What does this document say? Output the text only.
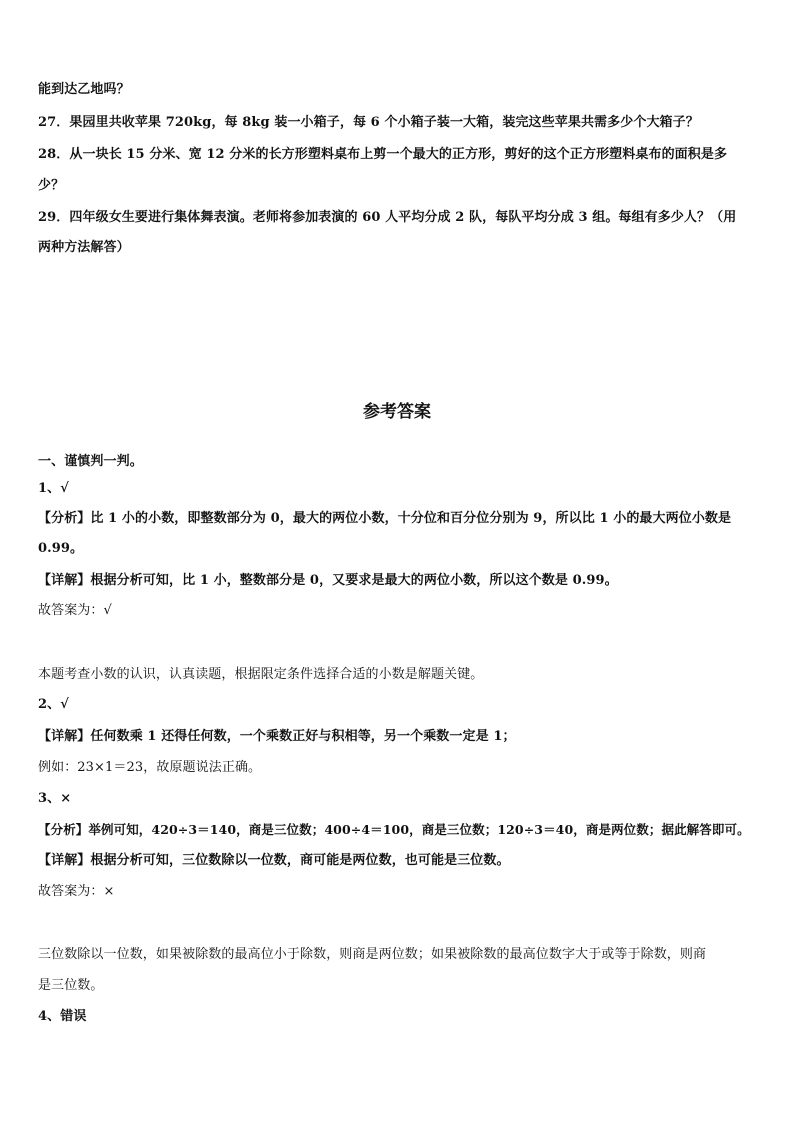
能到达乙地吗？
27．果园里共收苹果 720kg，每 8kg 装一小箱子，每 6 个小箱子装一大箱，装完这些苹果共需多少个大箱子？
28．从一块长 15 分米、宽 12 分米的长方形塑料桌布上剪一个最大的正方形，剪好的这个正方形塑料桌布的面积是多
少？
29．四年级女生要进行集体舞表演。老师将参加表演的 60 人平均分成 2 队，每队平均分成 3 组。每组有多少人？（用
两种方法解答）
参考答案
一、谨慎判一判。
1、√
【分析】比 1 小的小数，即整数部分为 0，最大的两位小数，十分位和百分位分别为 9，所以比 1 小的最大两位小数是
0.99。
【详解】根据分析可知，比 1 小，整数部分是 0，又要求是最大的两位小数，所以这个数是 0.99。
故答案为：√
本题考查小数的认识，认真读题，根据限定条件选择合适的小数是解题关键。
2、√
【详解】任何数乘 1 还得任何数，一个乘数正好与积相等，另一个乘数一定是 1；
例如：23×1＝23，故原题说法正确。
3、×
【分析】举例可知，420÷3＝140，商是三位数；400÷4＝100，商是三位数；120÷3＝40，商是两位数；据此解答即可。
【详解】根据分析可知，三位数除以一位数，商可能是两位数，也可能是三位数。
故答案为：×
三位数除以一位数，如果被除数的最高位小于除数，则商是两位数；如果被除数的最高位数字大于或等于除数，则商
是三位数。
4、错误
